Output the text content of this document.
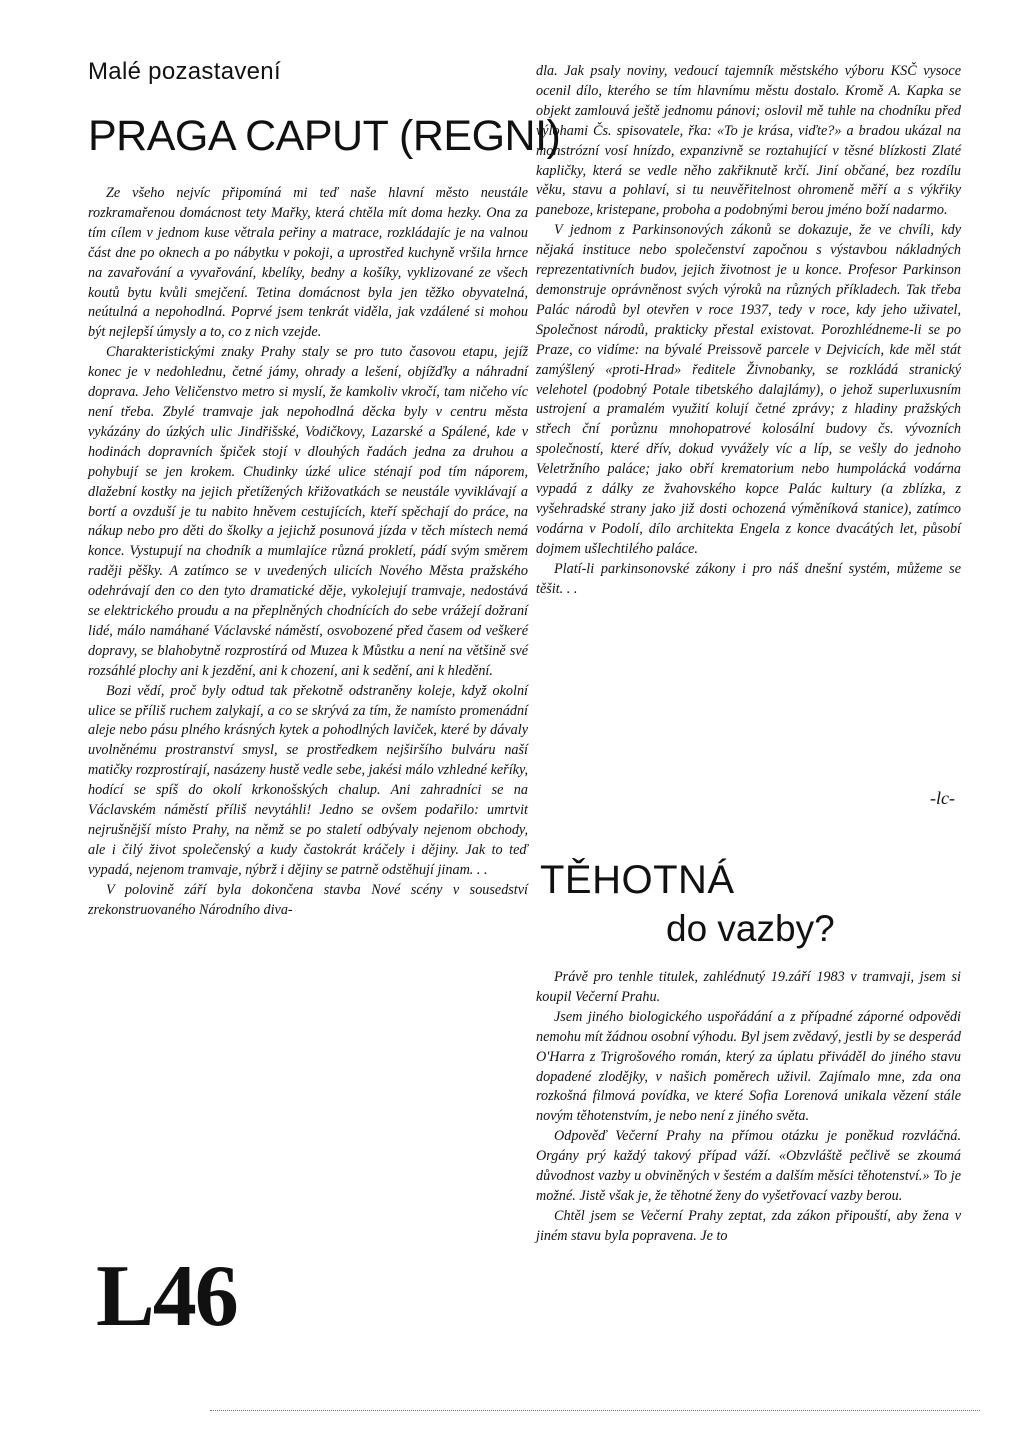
Malé pozastavení
PRAGA CAPUT (REGNI)

Ze všeho nejvíc připomíná mi teď naše hlavní město neustále rozkramařenou domácnost tety Mařky, která chtěla mít doma hezky. Ona za tím cílem v jednom kuse větrala peřiny a matrace, rozkládajíc je na valnou část dne po oknech a po nábytku v pokoji, a uprostřed kuchyně vršila hrnce na zavařování a vyvařování, kbelíky, bedny a košíky, vyklizované ze všech koutů bytu kvůli smejčení. Tetina domácnost byla jen těžko obyvatelná, neútulná a nepohodlná. Poprvé jsem tenkrát viděla, jak vzdálené si mohou být nejlepší úmysly a to, co z nich vzejde.

Charakteristickými znaky Prahy staly se pro tuto časovou etapu, jejíž konec je v nedohlednu, četné jámy, ohrady a lešení, objížďky a náhradní doprava. Jeho Veličenstvo metro si myslí, že kamkoliv vkročí, tam ničeho víc není třeba. Zbylé tramvaje jak nepohodlná děcka byly v centru města vykázány do úzkých ulic Jindřišské, Vodičkovy, Lazarské a Spálené, kde v hodinách dopravních špiček stojí v dlouhých řadách jedna za druhou a pohybují se jen krokem. Chudinky úzké ulice sténají pod tím náporem, dlažební kostky na jejich přetížených křižovatkách se neustále vyviklávají a bortí a ovzduší je tu nabito hněvem cestujících, kteří spěchají do práce, na nákup nebo pro děti do školky a jejichž posunová jízda v těch místech nemá konce. Vystupují na chodník a mumlajíce různá prokletí, pádí svým směrem raději pěšky. A zatímco se v uvedených ulicích Nového Města pražského odehrávají den co den tyto dramatické děje, vykolejují tramvaje, nedostává se elektrického proudu a na přeplněných chodnících do sebe vrážejí dožraní lidé, málo namáhané Václavské náměstí, osvobozené před časem od veškeré dopravy, se blahobytně rozprostírá od Muzea k Můstku a není na většině své rozsáhlé plochy ani k jezdění, ani k chození, ani k sedění, ani k hledění.

Bozi vědí, proč byly odtud tak překotně odstraněny koleje, když okolní ulice se příliš ruchem zalykají, a co se skrývá za tím, že namísto promenádní aleje nebo pásu plného krásných kytek a pohodlných laviček, které by dávaly uvolněnému prostranství smysl, se prostředkem nejširšího bulváru naší matičky rozprostírají, nasázeny hustě vedle sebe, jakési málo vzhledné keříky, hodící se spíš do okolí krkonošských chalup. Ani zahradníci se na Václavském náměstí příliš nevytáhli! Jedno se ovšem podařilo: umrtvit nejrušnější místo Prahy, na němž se po staletí odbývaly nejenom obchody, ale i čilý život společenský a kudy častokrát kráčely i dějiny. Jak to teď vypadá, nejenom tramvaje, nýbrž i dějiny se patrně odstěhují jinam. . .

V polovině září byla dokončena stavba Nové scény v sousedství zrekonstruovaného Národního diva-

L46

dla. Jak psaly noviny, vedoucí tajemník městského výboru KSČ vysoce ocenil dílo, kterého se tím hlavnímu městu dostalo. Kromě A. Kapka se objekt zamlouvá ještě jednomu pánovi; oslovil mě tuhle na chodníku před výlohami Čs. spisovatele, řka: «To je krása, viďte?» a bradou ukázal na monstrózní vosí hnízdo, expanzivně se roztahující v těsné blízkosti Zlaté kapličky, která se vedle něho zakřiknutě krčí. Jiní občané, bez rozdílu věku, stavu a pohlaví, si tu neuvěřitelnost ohromeně měří a s výkřiky paneboze, kristepane, proboha a podobnými berou jméno boží nadarmo.

V jednom z Parkinsonových zákonů se dokazuje, že ve chvíli, kdy nějaká instituce nebo společenství započnou s výstavbou nákladných reprezentativních budov, jejich životnost je u konce. Profesor Parkinson demonstruje oprávněnost svých výroků na různých příkladech. Tak třeba Palác národů byl otevřen v roce 1937, tedy v roce, kdy jeho uživatel, Společnost národů, prakticky přestal existovat. Porozhlédneme-li se po Praze, co vidíme: na bývalé Preissově parcele v Dejvicích, kde měl stát zamýšlený «proti-Hrad» ředitele Živnobanky, se rozkládá stranický velehotel (podobný Potale tibetského dalajlámy), o jehož superluxusním ustrojení a pramalém využití kolují četné zprávy; z hladiny pražských střech ční porůznu mnohopatrové kolosální budovy čs. vývozních společností, které dřív, dokud vyvážely víc a líp, se vešly do jednoho Veletržního paláce; jako obří krematorium nebo humpolácká vodárna vypadá z dálky ze žvahovského kopce Palác kultury (a zblízka, z vyšehradské strany jako již dosti ochozená výměníková stanice), zatímco vodárna v Podolí, dílo architekta Engela z konce dvacátých let, působí dojmem ušlechtilého paláce.

Platí-li parkinsonovské zákony i pro náš dnešní systém, můžeme se těšit. . .

-lc-
TĚHOTNÁ
do vazby?

Právě pro tenhle titulek, zahlédnutý 19.září 1983 v tramvaji, jsem si koupil Večerní Prahu.

Jsem jiného biologického uspořádání a z případné záporné odpovědi nemohu mít žádnou osobní výhodu. Byl jsem zvědavý, jestli by se desperád O'Harra z Trigrošového román, který za úplatu přiváděl do jiného stavu dopadené zlodějky, v našich poměrech uživil. Zajímalo mne, zda ona rozkošná filmová povídka, ve které Sofia Lorenová unikala vězení stále novým těhotenstvím, je nebo není z jiného světa.

Odpověď Večerní Prahy na přímou otázku je poněkud rozvláčná. Orgány prý každý takový případ váží. «Obzvláště pečlivě se zkoumá důvodnost vazby u obviněných v šestém a dalším měsíci těhotenství.» To je možné. Jistě však je, že těhotné ženy do vyšetřovací vazby berou.

Chtěl jsem se Večerní Prahy zeptat, zda zákon připouští, aby žena v jiném stavu byla popravena. Je to
